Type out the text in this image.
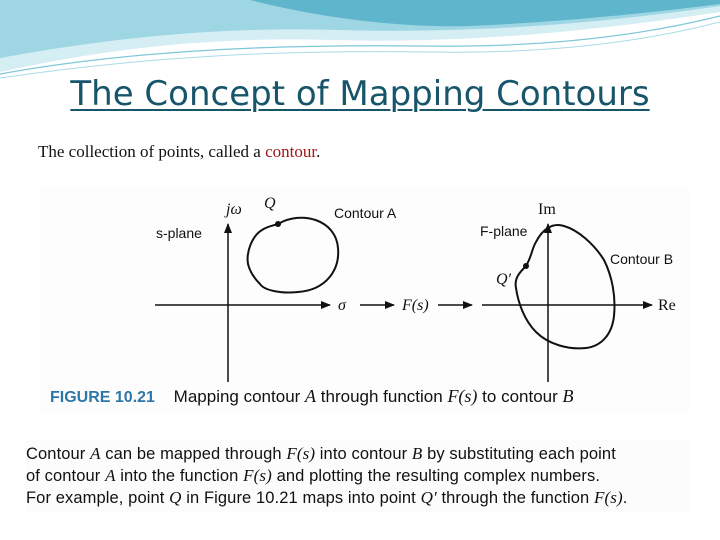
The Concept of Mapping Contours
The collection of points, called a contour.
jω
s-plane
Q
Contour A
σ	F(s)
Im
F-plane
Q′
Contour B
Re
FIGURE 10.21 Mapping contour A through function F(s) to contour B
Contour A can be mapped through F(s) into contour B by substituting each point
of contour A into the function F(s) and plotting the resulting complex numbers.
For example, point Q in Figure 10.21 maps into point Q′ through the function F(s).
